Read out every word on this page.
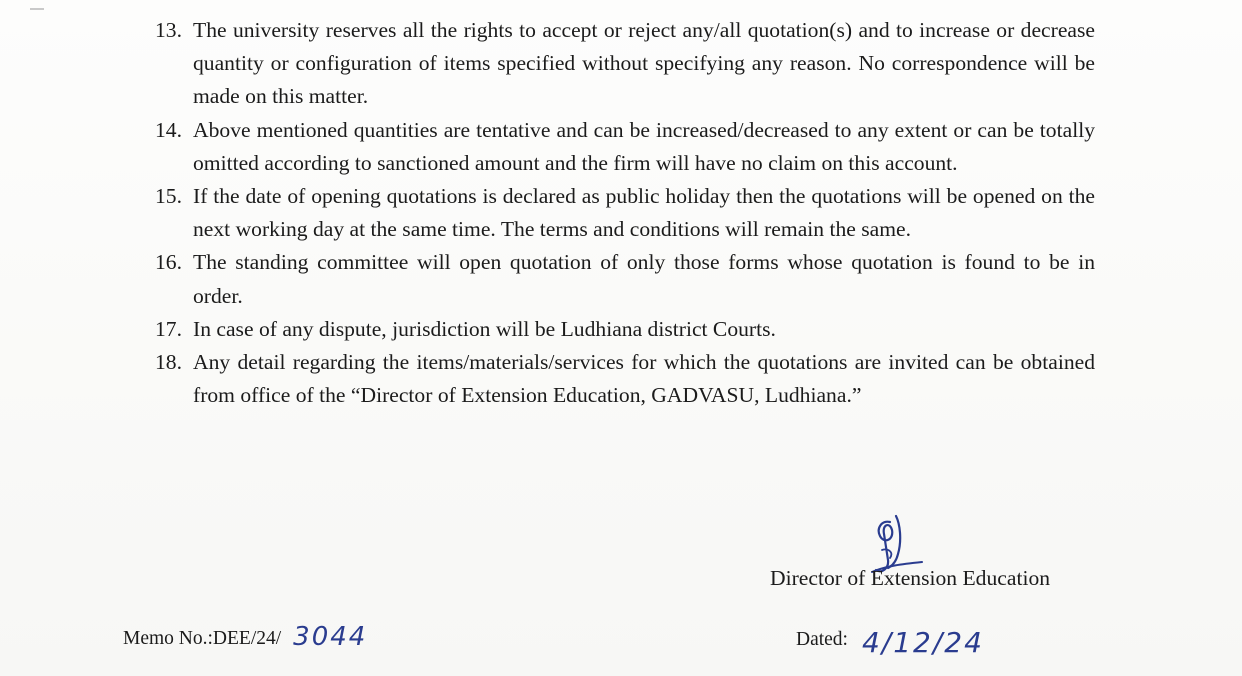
13. The university reserves all the rights to accept or reject any/all quotation(s) and to increase or decrease quantity or configuration of items specified without specifying any reason. No correspondence will be made on this matter.
14. Above mentioned quantities are tentative and can be increased/decreased to any extent or can be totally omitted according to sanctioned amount and the firm will have no claim on this account.
15. If the date of opening quotations is declared as public holiday then the quotations will be opened on the next working day at the same time. The terms and conditions will remain the same.
16. The standing committee will open quotation of only those forms whose quotation is found to be in order.
17. In case of any dispute, jurisdiction will be Ludhiana district Courts.
18. Any detail regarding the items/materials/services for which the quotations are invited can be obtained from office of the “Director of Extension Education, GADVASU, Ludhiana.”
Director of Extension Education
Memo No.:DEE/24/ 3044	Dated: 4/12/24
